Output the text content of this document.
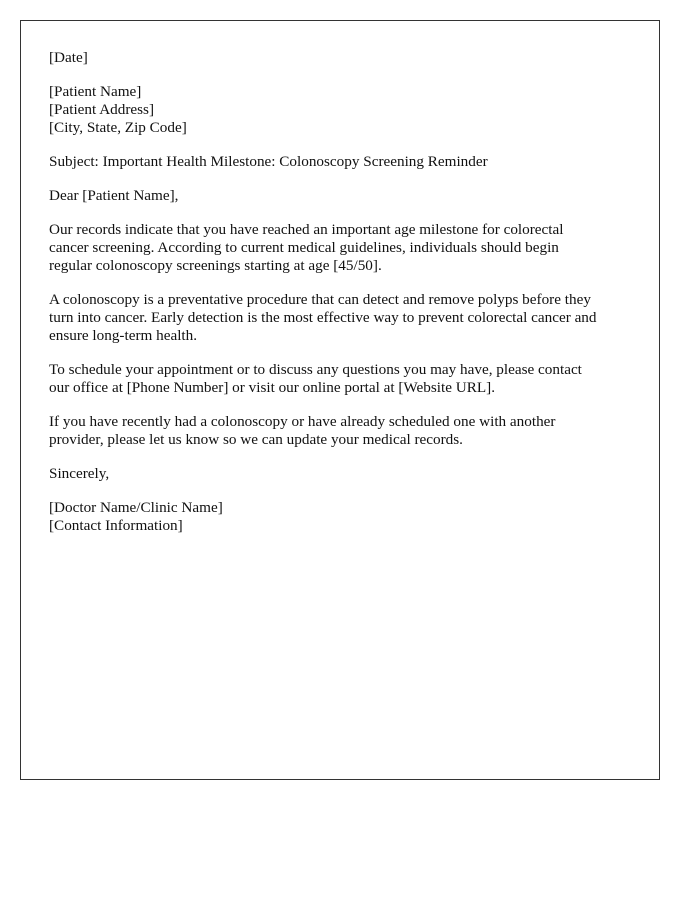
[Date]
[Patient Name]
[Patient Address]
[City, State, Zip Code]
Subject: Important Health Milestone: Colonoscopy Screening Reminder
Dear [Patient Name],

Our records indicate that you have reached an important age milestone for colorectal
cancer screening. According to current medical guidelines, individuals should begin
regular colonoscopy screenings starting at age [45/50].

A colonoscopy is a preventative procedure that can detect and remove polyps before they
turn into cancer. Early detection is the most effective way to prevent colorectal cancer and
ensure long-term health.

To schedule your appointment or to discuss any questions you may have, please contact
our office at [Phone Number] or visit our online portal at [Website URL].

If you have recently had a colonoscopy or have already scheduled one with another
provider, please let us know so we can update your medical records.

Sincerely,
[Doctor Name/Clinic Name]
[Contact Information]
